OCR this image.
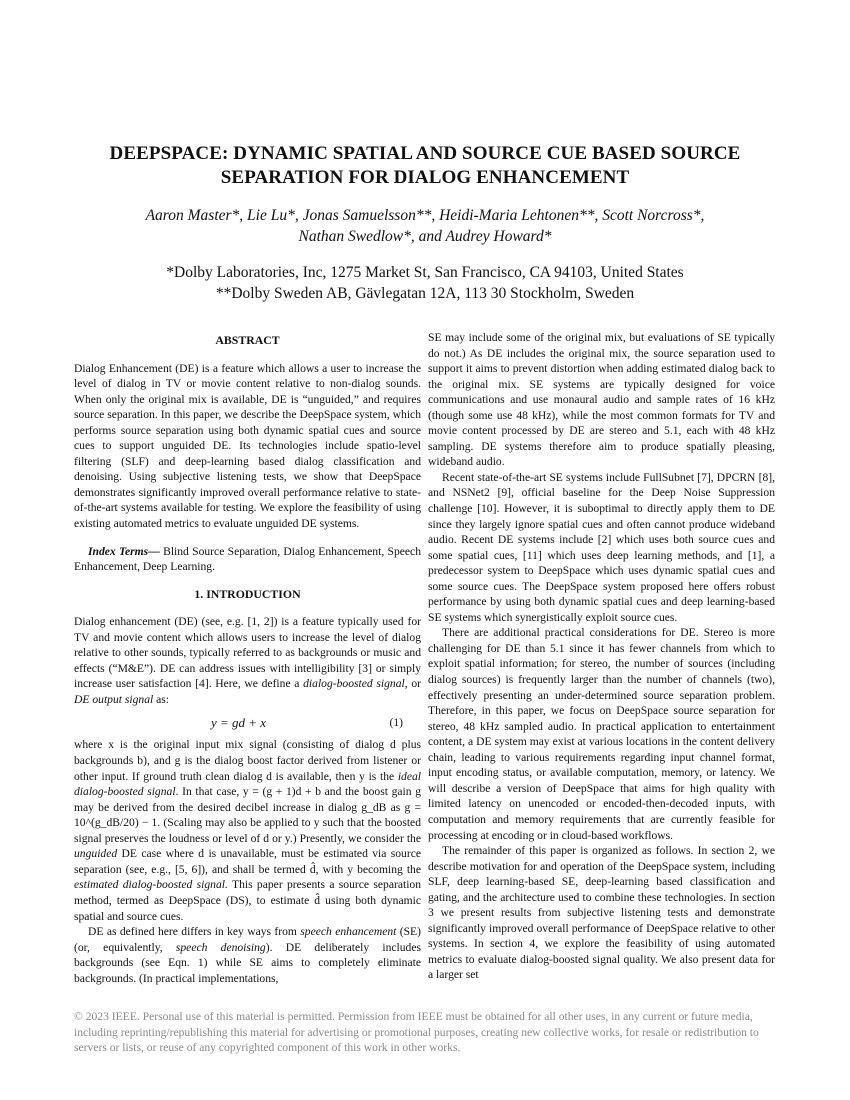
DEEPSPACE: DYNAMIC SPATIAL AND SOURCE CUE BASED SOURCE
SEPARATION FOR DIALOG ENHANCEMENT
Aaron Master*, Lie Lu*, Jonas Samuelsson**, Heidi-Maria Lehtonen**, Scott Norcross*,
Nathan Swedlow*, and Audrey Howard*
*Dolby Laboratories, Inc, 1275 Market St, San Francisco, CA 94103, United States
**Dolby Sweden AB, Gävlegatan 12A, 113 30 Stockholm, Sweden
ABSTRACT

Dialog Enhancement (DE) is a feature which allows a user to increase the level of dialog in TV or movie content relative to non-dialog sounds. When only the original mix is available, DE is “unguided,” and requires source separation. In this paper, we describe the DeepSpace system, which performs source separation using both dynamic spatial cues and source cues to support unguided DE. Its technologies include spatio-level filtering (SLF) and deep-learning based dialog classification and denoising. Using subjective listening tests, we show that DeepSpace demonstrates significantly improved overall performance relative to state-of-the-art systems available for testing. We explore the feasibility of using existing automated metrics to evaluate unguided DE systems.

Index Terms— Blind Source Separation, Dialog Enhancement, Speech Enhancement, Deep Learning.

1. INTRODUCTION

Dialog enhancement (DE) (see, e.g. [1, 2]) is a feature typically used for TV and movie content which allows users to increase the level of dialog relative to other sounds, typically referred to as backgrounds or music and effects (“M&E”). DE can address issues with intelligibility [3] or simply increase user satisfaction [4]. Here, we define a dialog-boosted signal, or DE output signal as:

y = gd + x	(1)

where x is the original input mix signal (consisting of dialog d plus backgrounds b), and g is the dialog boost factor derived from listener or other input. If ground truth clean dialog d is available, then y is the ideal dialog-boosted signal. In that case, y = (g + 1)d + b and the boost gain g may be derived from the desired decibel increase in dialog g_dB as g = 10^(g_dB/20) − 1. (Scaling may also be applied to y such that the boosted signal preserves the loudness or level of d or y.) Presently, we consider the unguided DE case where d is unavailable, must be estimated via source separation (see, e.g., [5, 6]), and shall be termed d̂, with y becoming the estimated dialog-boosted signal. This paper presents a source separation method, termed as DeepSpace (DS), to estimate d̂ using both dynamic spatial and source cues.

DE as defined here differs in key ways from speech enhancement (SE) (or, equivalently, speech denoising). DE deliberately includes backgrounds (see Eqn. 1) while SE aims to completely eliminate backgrounds. (In practical implementations,

SE may include some of the original mix, but evaluations of SE typically do not.) As DE includes the original mix, the source separation used to support it aims to prevent distortion when adding estimated dialog back to the original mix. SE systems are typically designed for voice communications and use monaural audio and sample rates of 16 kHz (though some use 48 kHz), while the most common formats for TV and movie content processed by DE are stereo and 5.1, each with 48 kHz sampling. DE systems therefore aim to produce spatially pleasing, wideband audio.

Recent state-of-the-art SE systems include FullSubnet [7], DPCRN [8], and NSNet2 [9], official baseline for the Deep Noise Suppression challenge [10]. However, it is suboptimal to directly apply them to DE since they largely ignore spatial cues and often cannot produce wideband audio. Recent DE systems include [2] which uses both source cues and some spatial cues, [11] which uses deep learning methods, and [1], a predecessor system to DeepSpace which uses dynamic spatial cues and some source cues. The DeepSpace system proposed here offers robust performance by using both dynamic spatial cues and deep learning-based SE systems which synergistically exploit source cues.

There are additional practical considerations for DE. Stereo is more challenging for DE than 5.1 since it has fewer channels from which to exploit spatial information; for stereo, the number of sources (including dialog sources) is frequently larger than the number of channels (two), effectively presenting an under-determined source separation problem. Therefore, in this paper, we focus on DeepSpace source separation for stereo, 48 kHz sampled audio. In practical application to entertainment content, a DE system may exist at various locations in the content delivery chain, leading to various requirements regarding input channel format, input encoding status, or available computation, memory, or latency. We will describe a version of DeepSpace that aims for high quality with limited latency on unencoded or encoded-then-decoded inputs, with computation and memory requirements that are currently feasible for processing at encoding or in cloud-based workflows.

The remainder of this paper is organized as follows. In section 2, we describe motivation for and operation of the DeepSpace system, including SLF, deep learning-based SE, deep-learning based classification and gating, and the architecture used to combine these technologies. In section 3 we present results from subjective listening tests and demonstrate significantly improved overall performance of DeepSpace relative to other systems. In section 4, we explore the feasibility of using automated metrics to evaluate dialog-boosted signal quality. We also present data for a larger set

© 2023 IEEE. Personal use of this material is permitted. Permission from IEEE must be obtained for all other uses, in any current or future media, including reprinting/republishing this material for advertising or promotional purposes, creating new collective works, for resale or redistribution to servers or lists, or reuse of any copyrighted component of this work in other works.
